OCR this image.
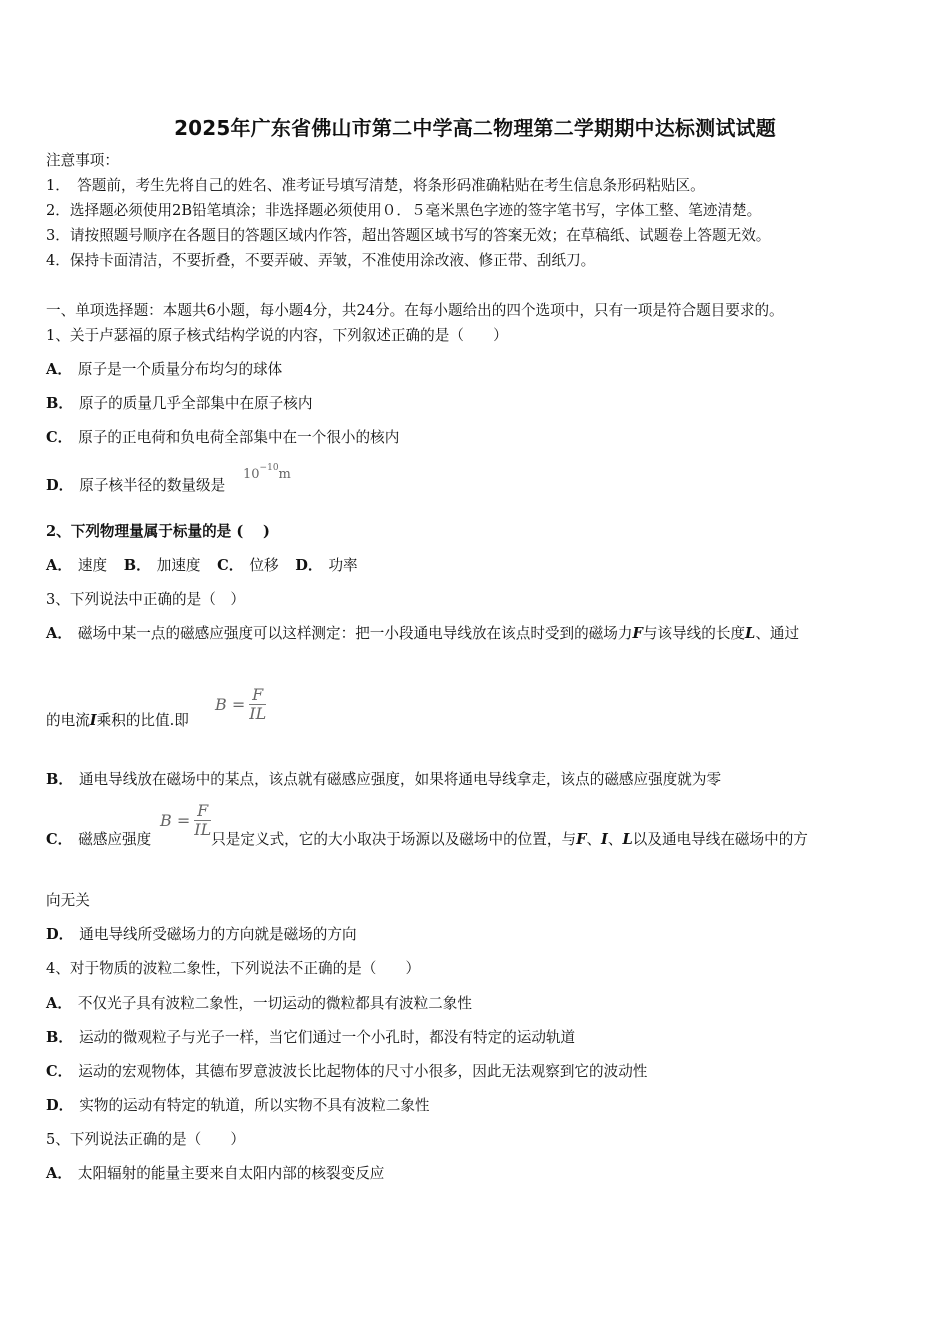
2025年广东省佛山市第二中学高二物理第二学期期中达标测试试题
注意事项：
1．　答题前，考生先将自己的姓名、准考证号填写清楚，将条形码准确粘贴在考生信息条形码粘贴区。
2．选择题必须使用2B铅笔填涂；非选择题必须使用０．５毫米黑色字迹的签字笔书写，字体工整、笔迹清楚。
3．请按照题号顺序在各题目的答题区域内作答，超出答题区域书写的答案无效；在草稿纸、试题卷上答题无效。
4．保持卡面清洁，不要折叠，不要弄破、弄皱，不准使用涂改液、修正带、刮纸刀。
一、单项选择题：本题共6小题，每小题4分，共24分。在每小题给出的四个选项中，只有一项是符合题目要求的。
1、关于卢瑟福的原子核式结构学说的内容，下列叙述正确的是（　　）
A． 原子是一个质量分布均匀的球体
B． 原子的质量几乎全部集中在原子核内
C． 原子的正电荷和负电荷全部集中在一个很小的核内
D． 原子核半径的数量级是
$10^{-10}m$
2、下列物理量属于标量的是 (　 )
A． 速度 B． 加速度 C． 位移 D． 功率
3、下列说法中正确的是（　）
A． 磁场中某一点的磁感应强度可以这样测定：把一小段通电导线放在该点时受到的磁场力F与该导线的长度L、通过
的电流I乘积的比值.即
$B = \frac{F}{IL}$
B． 通电导线放在磁场中的某点，该点就有磁感应强度，如果将通电导线拿走，该点的磁感应强度就为零
C． 磁感应强度	只是定义式，它的大小取决于场源以及磁场中的位置，与F、I、L以及通电导线在磁场中的方
$B = \frac{F}{IL}$
向无关
D． 通电导线所受磁场力的方向就是磁场的方向
4、对于物质的波粒二象性，下列说法不正确的是（　　）
A． 不仅光子具有波粒二象性，一切运动的微粒都具有波粒二象性
B． 运动的微观粒子与光子一样，当它们通过一个小孔时，都没有特定的运动轨道
C． 运动的宏观物体，其德布罗意波波长比起物体的尺寸小很多，因此无法观察到它的波动性
D． 实物的运动有特定的轨道，所以实物不具有波粒二象性
5、下列说法正确的是（　　）
A． 太阳辐射的能量主要来自太阳内部的核裂变反应
